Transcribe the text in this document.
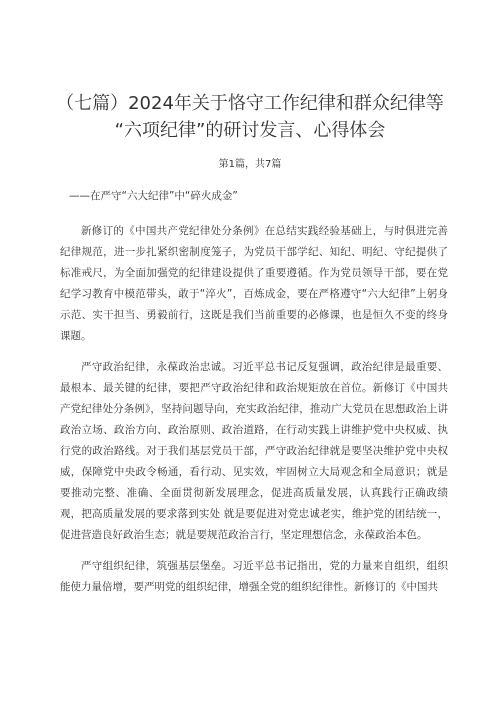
（七篇）2024年关于恪守工作纪律和群众纪律等
“六项纪律”的研讨发言、心得体会
第1篇，共7篇
——在严守“六大纪律”中“碎火成金”

新修订的《中国共产党纪律处分条例》在总结实践经验基础上，与时俱进完善纪律规范，进一步扎紧织密制度笼子，为党员干部学纪、知纪、明纪、守纪提供了标准戒尺，为全面加强党的纪律建设提供了重要遵循。作为党员领导干部，要在党纪学习教育中模范带头，敢于“淬火”，百炼成金，要在严格遵守“六大纪律”上躬身示范、实干担当、勇毅前行，这既是我们当前重要的必修课，也是恒久不变的终身课题。

严守政治纪律，永葆政治忠诚。习近平总书记反复强调，政治纪律是最重要、最根本、最关键的纪律，要把严守政治纪律和政治规矩放在首位。新修订《中国共产党纪律处分条例》，坚持问题导向，充实政治纪律，推动广大党员在思想政治上讲政治立场、政治方向、政治原则、政治道路，在行动实践上讲维护党中央权威、执行党的政治路线。对于我们基层党员干部，严守政治纪律就是要坚决维护党中央权威，保障党中央政令畅通，看行动、见实效，牢固树立大局观念和全局意识；就是要推动完整、准确、全面贯彻新发展理念，促进高质量发展，认真践行正确政绩观，把高质量发展的要求落到实处 就是要促进对党忠诚老实，维护党的团结统一，促进营造良好政治生态；就是要规范政治言行，坚定理想信念，永葆政治本色。

严守组织纪律，筑强基层堡垒。习近平总书记指出，党的力量来自组织，组织能使力量倍增，要严明党的组织纪律，增强全党的组织纪律性。新修订的《中国共
